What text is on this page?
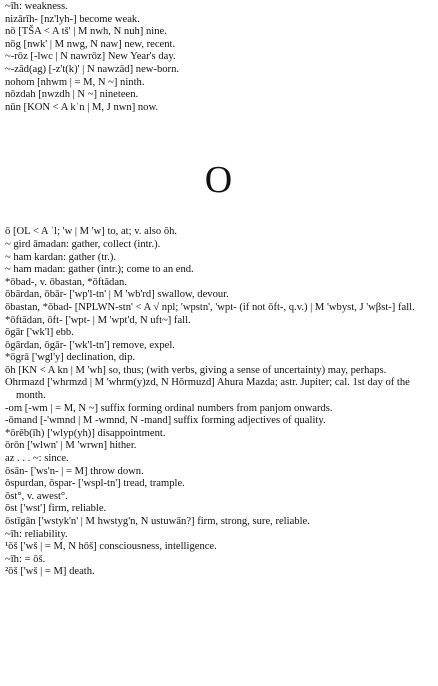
~īh: weakness.

nizārīh- [nz'lyh-] become weak.

nō [TŠA < A tš' | M nwh, N nuh] nine.

nōg [nwk' | M nwg, N naw] new, recent.

~-rōz [-lwc | N nawrōz] New Year's day.

~-zād(ag) [-z't(k)' | N nawzād] new-born.

nohom [nhwm | = M, N ~] ninth.

nōzdah [nwzdh | N ~] nineteen.

nūn [KON < A kʿn | M, J nwn] now.

O

ō [OL < A ʿl; 'w | M 'w] to, at; v. also ōh.

~ gird āmadan: gather, collect (intr.).

~ ham kardan: gather (tr.).

~ ham madan: gather (intr.); come to an end.

*ōbad-, v. ōbastan, *ōftādan.

ōbārdan, ōbār- ['wp'l-tn' | M 'wb'rd] swallow, devour.

ōbastan, *ōbad- [NPLWN-stn' < A √ npl; 'wpstn', 'wpt- (if not ōft-, q.v.) | M 'wbyst, J 'wβst-] fall.

*ōftādan, ōft- ['wpt- | M 'wpt'd, N uft~] fall.

ōgār ['wk'l] ebb.

ōgārdan, ōgār- ['wk'l-tn'] remove, expel.

*ōgrā ['wgl'y] declination, dip.

ōh [KN < A kn | M 'wh] so, thus; (with verbs, giving a sense of uncertainty) may, perhaps.

Ohrmazd ['whrmzd | M 'whrm(y)zd, N Hōrmuzd] Ahura Mazda; astr. Jupiter; cal. 1st day of the month.

-om [-wm | = M, N ~] suffix forming ordinal numbers from panjom onwards.

-ōmand [-'wmnd | M -wmnd, N -mand] suffix forming adjectives of quality.

*ōrēb(īh) ['wlyp(yh)] disappointment.

ōrōn ['wlwn' | M 'wrwn] hither.

az . . . ~: since.

ōsān- ['ws'n- | = M] throw down.

ōspurdan, ōspar- ['wspl-tn'] tread, trample.

ōst°, v. awest°.

ōst ['wst'] firm, reliable.

ōstīgān ['wstyk'n' | M hwstyg'n, N ustuwān?] firm, strong, sure, reliable.

~īh: reliability.

¹ōš ['wš | = M, N hōš] consciousness, intelligence.

~īh: = ōš.

²ōš ['wš | = M] death.
